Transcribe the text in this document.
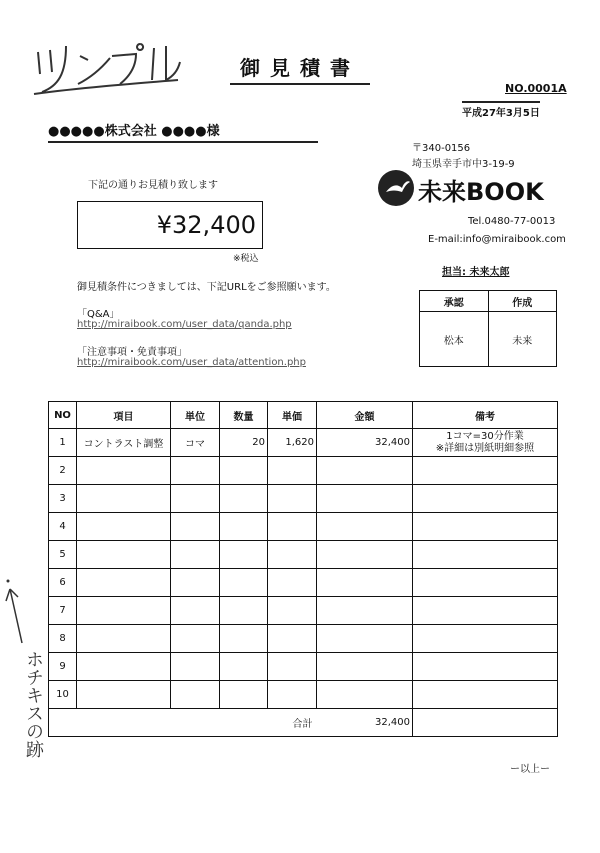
御見積書
NO.0001A
平成27年3月5日
●●●●●株式会社 ●●●●様
〒340-0156
埼玉県幸手市中3-19-9
未来BOOK
Tel.0480-77-0013
E-mail:info@miraibook.com
担当: 未来太郎
承認	作成
松本	未来
下記の通りお見積り致します
¥32,400
※税込
御見積条件につきましては、下記URLをご参照願います。
「Q&A」
http://miraibook.com/user_data/qanda.php
「注意事項・免責事項」
http://miraibook.com/user_data/attention.php
NO	項目	単位	数量	単価	金額	備考
1	コントラスト調整	コマ	20	1,620	32,400	1コマ=30分作業
※詳細は別紙明細参照

2						
3						
4						
5						
6						
7						
8						
9						
10						
合計					32,400	
ー以上ー
ホチキスの跡
